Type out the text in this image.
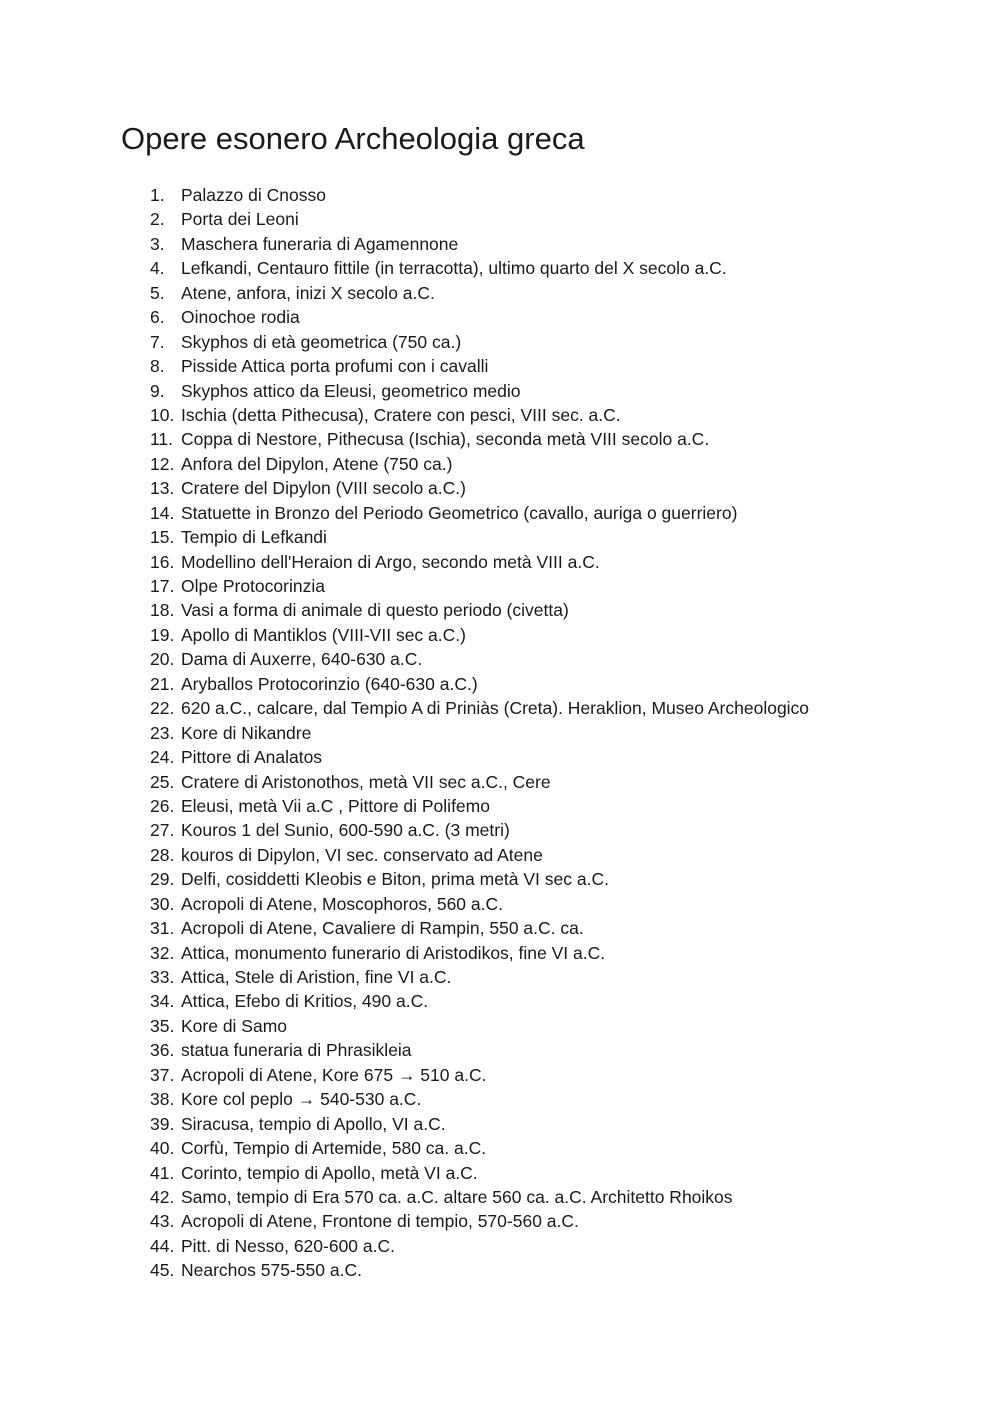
Opere esonero Archeologia greca
1. Palazzo di Cnosso
2. Porta dei Leoni
3. Maschera funeraria di Agamennone
4. Lefkandi, Centauro fittile (in terracotta), ultimo quarto del X secolo a.C.
5. Atene, anfora, inizi X secolo a.C.
6. Oinochoe rodia
7. Skyphos di età geometrica (750 ca.)
8. Pisside Attica porta profumi con i cavalli
9. Skyphos attico da Eleusi, geometrico medio
10. Ischia (detta Pithecusa), Cratere con pesci, VIII sec. a.C.
11. Coppa di Nestore, Pithecusa (Ischia), seconda metà VIII secolo a.C.
12. Anfora del Dipylon, Atene (750 ca.)
13. Cratere del Dipylon (VIII secolo a.C.)
14. Statuette in Bronzo del Periodo Geometrico (cavallo, auriga o guerriero)
15. Tempio di Lefkandi
16. Modellino dell'Heraion di Argo, secondo metà VIII a.C.
17. Olpe Protocorinzia
18. Vasi a forma di animale di questo periodo (civetta)
19. Apollo di Mantiklos (VIII-VII sec a.C.)
20. Dama di Auxerre, 640-630 a.C.
21. Aryballos Protocorinzio (640-630 a.C.)
22. 620 a.C., calcare, dal Tempio A di Priniàs (Creta). Heraklion, Museo Archeologico
23. Kore di Nikandre
24. Pittore di Analatos
25. Cratere di Aristonothos, metà VII sec a.C., Cere
26. Eleusi, metà Vii a.C , Pittore di Polifemo
27. Kouros 1 del Sunio, 600-590 a.C. (3 metri)
28. kouros di Dipylon, VI sec. conservato ad Atene
29. Delfi, cosiddetti Kleobis e Biton, prima metà VI sec a.C.
30. Acropoli di Atene, Moscophoros, 560 a.C.
31. Acropoli di Atene, Cavaliere di Rampin, 550 a.C. ca.
32. Attica, monumento funerario di Aristodikos, fine VI a.C.
33. Attica, Stele di Aristion, fine VI a.C.
34. Attica, Efebo di Kritios, 490 a.C.
35. Kore di Samo
36. statua funeraria di Phrasikleia
37. Acropoli di Atene, Kore 675 → 510 a.C.
38. Kore col peplo → 540-530 a.C.
39. Siracusa, tempio di Apollo, VI a.C.
40. Corfù, Tempio di Artemide, 580 ca. a.C.
41. Corinto, tempio di Apollo, metà VI a.C.
42. Samo, tempio di Era 570 ca. a.C. altare 560 ca. a.C. Architetto Rhoikos
43. Acropoli di Atene, Frontone di tempio, 570-560 a.C.
44. Pitt. di Nesso, 620-600 a.C.
45. Nearchos 575-550 a.C.
